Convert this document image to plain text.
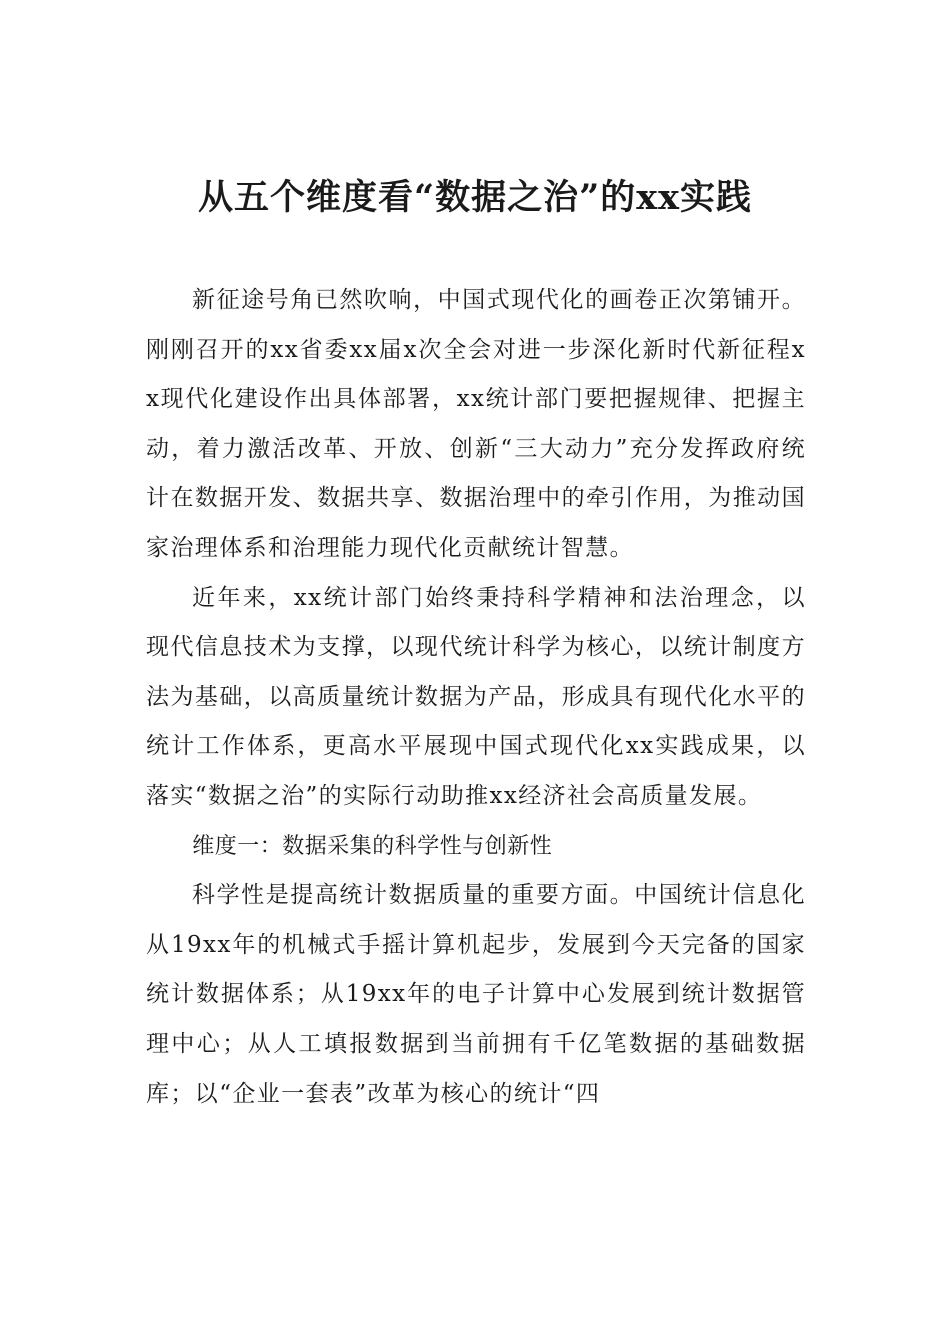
从五个维度看“数据之治”的xx实践

新征途号角已然吹响，中国式现代化的画卷正次第铺开。刚刚召开的xx省委xx届x次全会对进一步深化新时代新征程xx现代化建设作出具体部署，xx统计部门要把握规律、把握主动，着力激活改革、开放、创新“三大动力”充分发挥政府统计在数据开发、数据共享、数据治理中的牵引作用，为推动国家治理体系和治理能力现代化贡献统计智慧。

近年来，xx统计部门始终秉持科学精神和法治理念，以现代信息技术为支撑，以现代统计科学为核心，以统计制度方法为基础，以高质量统计数据为产品，形成具有现代化水平的统计工作体系，更高水平展现中国式现代化xx实践成果，以落实“数据之治”的实际行动助推xx经济社会高质量发展。

维度一：数据采集的科学性与创新性

科学性是提高统计数据质量的重要方面。中国统计信息化从19xx年的机械式手摇计算机起步，发展到今天完备的国家统计数据体系；从19xx年的电子计算中心发展到统计数据管理中心；从人工填报数据到当前拥有千亿笔数据的基础数据库；以“企业一套表”改革为核心的统计“四
